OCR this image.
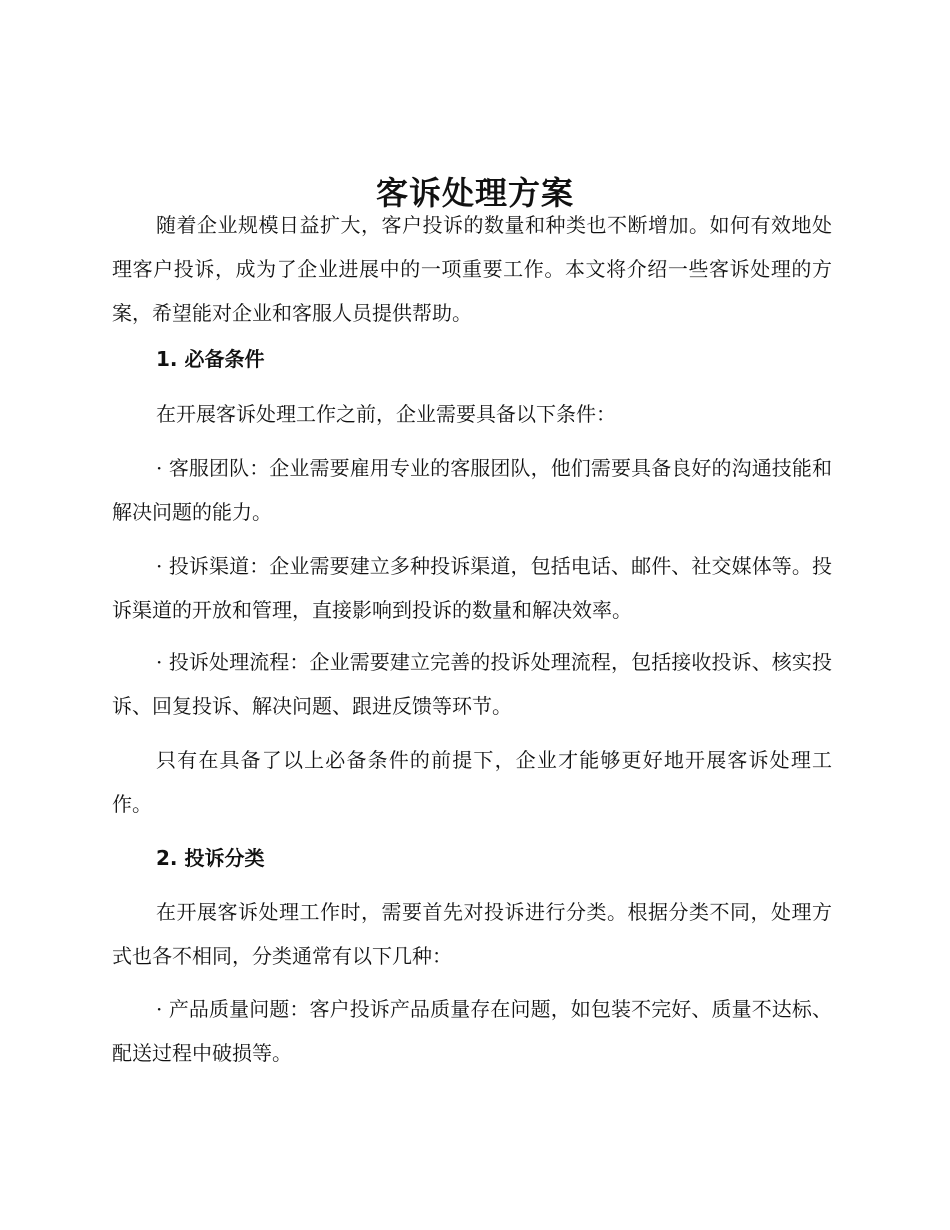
客诉处理方案

随着企业规模日益扩大，客户投诉的数量和种类也不断增加。如何有效地处理客户投诉，成为了企业进展中的一项重要工作。本文将介绍一些客诉处理的方案，希望能对企业和客服人员提供帮助。

1. 必备条件

在开展客诉处理工作之前，企业需要具备以下条件：

· 客服团队：企业需要雇用专业的客服团队，他们需要具备良好的沟通技能和解决问题的能力。

· 投诉渠道：企业需要建立多种投诉渠道，包括电话、邮件、社交媒体等。投诉渠道的开放和管理，直接影响到投诉的数量和解决效率。

· 投诉处理流程：企业需要建立完善的投诉处理流程，包括接收投诉、核实投诉、回复投诉、解决问题、跟进反馈等环节。

只有在具备了以上必备条件的前提下，企业才能够更好地开展客诉处理工作。

2. 投诉分类

在开展客诉处理工作时，需要首先对投诉进行分类。根据分类不同，处理方式也各不相同，分类通常有以下几种：

· 产品质量问题：客户投诉产品质量存在问题，如包装不完好、质量不达标、配送过程中破损等。
